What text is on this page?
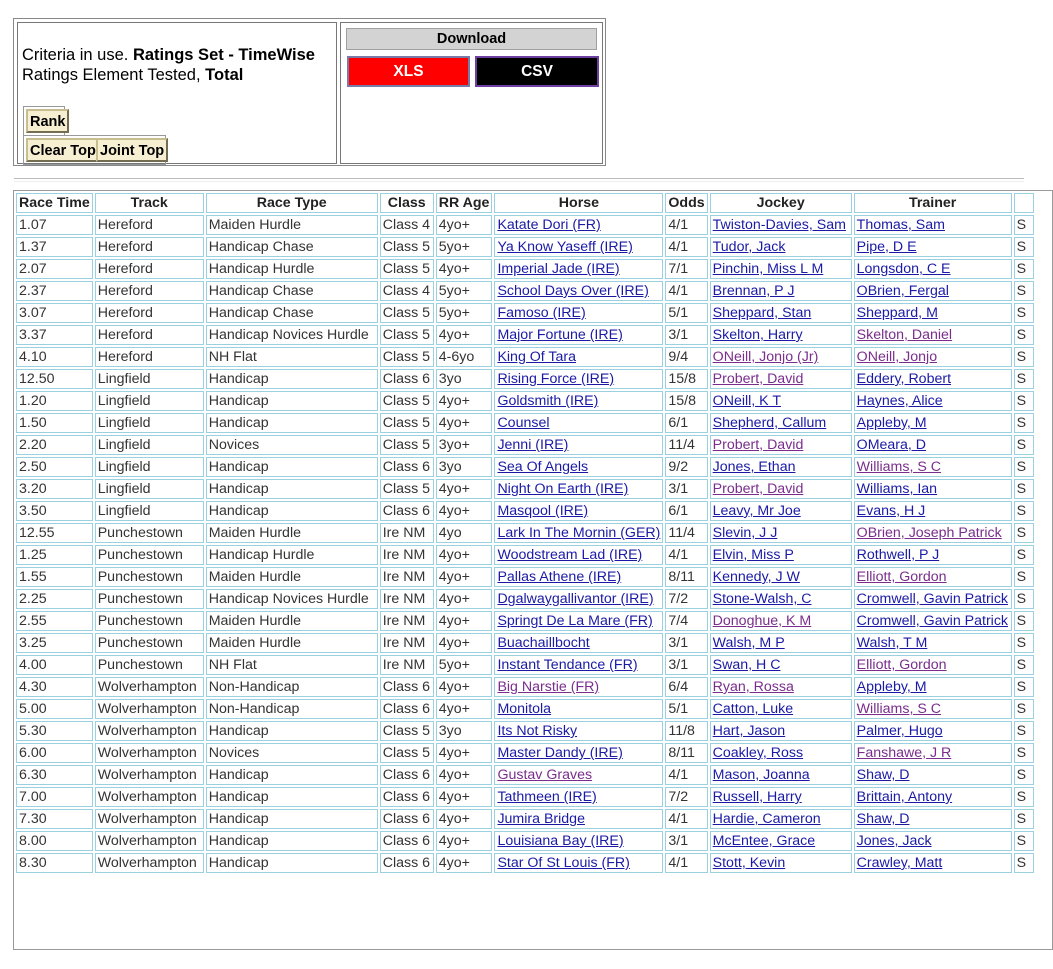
Criteria in use. Ratings Set - TimeWise
Ratings Element Tested, Total
Rank
Clear Top Joint Top
Download
XLS	CSV
Race Time	Track	Race Type	Class	RR Age	Horse	Odds	Jockey	Trainer	
1.07	Hereford	Maiden Hurdle	Class 4	4yo+	Katate Dori (FR)	4/1	Twiston-Davies, Sam	Thomas, Sam	S
1.37	Hereford	Handicap Chase	Class 5	5yo+	Ya Know Yaseff (IRE)	4/1	Tudor, Jack	Pipe, D E	S
2.07	Hereford	Handicap Hurdle	Class 5	4yo+	Imperial Jade (IRE)	7/1	Pinchin, Miss L M	Longsdon, C E	S
2.37	Hereford	Handicap Chase	Class 4	5yo+	School Days Over (IRE)	4/1	Brennan, P J	OBrien, Fergal	S
3.07	Hereford	Handicap Chase	Class 5	5yo+	Famoso (IRE)	5/1	Sheppard, Stan	Sheppard, M	S
3.37	Hereford	Handicap Novices Hurdle	Class 5	4yo+	Major Fortune (IRE)	3/1	Skelton, Harry	Skelton, Daniel	S
4.10	Hereford	NH Flat	Class 5	4-6yo	King Of Tara	9/4	ONeill, Jonjo (Jr)	ONeill, Jonjo	S
12.50	Lingfield	Handicap	Class 6	3yo	Rising Force (IRE)	15/8	Probert, David	Eddery, Robert	S
1.20	Lingfield	Handicap	Class 5	4yo+	Goldsmith (IRE)	15/8	ONeill, K T	Haynes, Alice	S
1.50	Lingfield	Handicap	Class 5	4yo+	Counsel	6/1	Shepherd, Callum	Appleby, M	S
2.20	Lingfield	Novices	Class 5	3yo+	Jenni (IRE)	11/4	Probert, David	OMeara, D	S
2.50	Lingfield	Handicap	Class 6	3yo	Sea Of Angels	9/2	Jones, Ethan	Williams, S C	S
3.20	Lingfield	Handicap	Class 5	4yo+	Night On Earth (IRE)	3/1	Probert, David	Williams, Ian	S
3.50	Lingfield	Handicap	Class 6	4yo+	Masqool (IRE)	6/1	Leavy, Mr Joe	Evans, H J	S
12.55	Punchestown	Maiden Hurdle	Ire NM	4yo	Lark In The Mornin (GER)	11/4	Slevin, J J	OBrien, Joseph Patrick	S
1.25	Punchestown	Handicap Hurdle	Ire NM	4yo+	Woodstream Lad (IRE)	4/1	Elvin, Miss P	Rothwell, P J	S
1.55	Punchestown	Maiden Hurdle	Ire NM	4yo+	Pallas Athene (IRE)	8/11	Kennedy, J W	Elliott, Gordon	S
2.25	Punchestown	Handicap Novices Hurdle	Ire NM	4yo+	Dgalwaygallivantor (IRE)	7/2	Stone-Walsh, C	Cromwell, Gavin Patrick	S
2.55	Punchestown	Maiden Hurdle	Ire NM	4yo+	Springt De La Mare (FR)	7/4	Donoghue, K M	Cromwell, Gavin Patrick	S
3.25	Punchestown	Maiden Hurdle	Ire NM	4yo+	Buachaillbocht	3/1	Walsh, M P	Walsh, T M	S
4.00	Punchestown	NH Flat	Ire NM	5yo+	Instant Tendance (FR)	3/1	Swan, H C	Elliott, Gordon	S
4.30	Wolverhampton	Non-Handicap	Class 6	4yo+	Big Narstie (FR)	6/4	Ryan, Rossa	Appleby, M	S
5.00	Wolverhampton	Non-Handicap	Class 6	4yo+	Monitola	5/1	Catton, Luke	Williams, S C	S
5.30	Wolverhampton	Handicap	Class 5	3yo	Its Not Risky	11/8	Hart, Jason	Palmer, Hugo	S
6.00	Wolverhampton	Novices	Class 5	4yo+	Master Dandy (IRE)	8/11	Coakley, Ross	Fanshawe, J R	S
6.30	Wolverhampton	Handicap	Class 6	4yo+	Gustav Graves	4/1	Mason, Joanna	Shaw, D	S
7.00	Wolverhampton	Handicap	Class 6	4yo+	Tathmeen (IRE)	7/2	Russell, Harry	Brittain, Antony	S
7.30	Wolverhampton	Handicap	Class 6	4yo+	Jumira Bridge	4/1	Hardie, Cameron	Shaw, D	S
8.00	Wolverhampton	Handicap	Class 6	4yo+	Louisiana Bay (IRE)	3/1	McEntee, Grace	Jones, Jack	S
8.30	Wolverhampton	Handicap	Class 6	4yo+	Star Of St Louis (FR)	4/1	Stott, Kevin	Crawley, Matt	S
